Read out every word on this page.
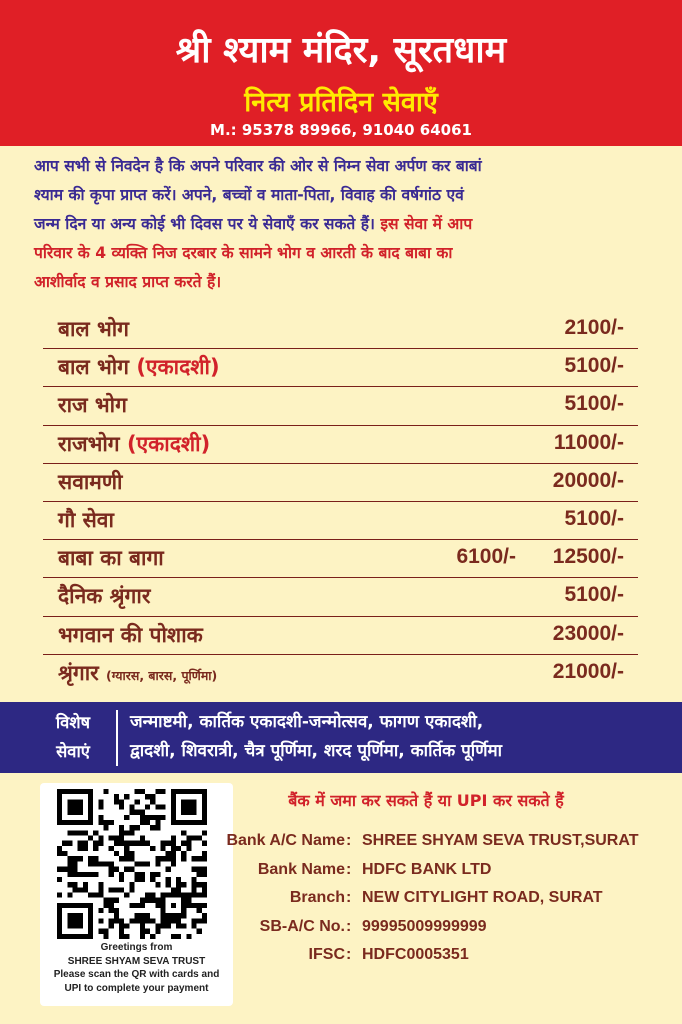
श्री श्याम मंदिर, सूरतधाम
नित्य प्रतिदिन सेवाएँ
M.: 95378 89966, 91040 64061
आप सभी से निवदेन है कि अपने परिवार की ओर से निम्न सेवा अर्पण कर बाबां
श्याम की कृपा प्राप्त करें। अपने, बच्चों व माता-पिता, विवाह की वर्षगांठ एवं
जन्म दिन या अन्य कोई भी दिवस पर ये सेवाएँ कर सकते हैं। इस सेवा में आप
परिवार के 4 व्यक्ति निज दरबार के सामने भोग व आरती के बाद बाबा का
आशीर्वाद व प्रसाद प्राप्त करते हैं।
बाल भोग	2100/-
बाल भोग (एकादशी)	5100/-
राज भोग	5100/-
राजभोग (एकादशी)	11000/-
सवामणी	20000/-
गौ सेवा	5100/-
बाबा का बागा	6100/- 12500/-
दैनिक श्रृंगार	5100/-
भगवान की पोशाक	23000/-
श्रृंगार (ग्यारस, बारस, पूर्णिमा)	21000/-
विशेष
सेवाएं
जन्माष्टमी, कार्तिक एकादशी-जन्मोत्सव, फागण एकादशी,
द्वादशी, शिवरात्री, चैत्र पूर्णिमा, शरद पूर्णिमा, कार्तिक पूर्णिमा
Greetings from
SHREE SHYAM SEVA TRUST
Please scan the QR with cards and
UPI to complete your payment
बैंक में जमा कर सकते हैं या UPI कर सकते हैं
Bank A/C Name : SHREE SHYAM SEVA TRUST,SURAT
Bank Name : HDFC BANK LTD
Branch : NEW CITYLIGHT ROAD, SURAT
SB-A/C No. : 99995009999999
IFSC : HDFC0005351
